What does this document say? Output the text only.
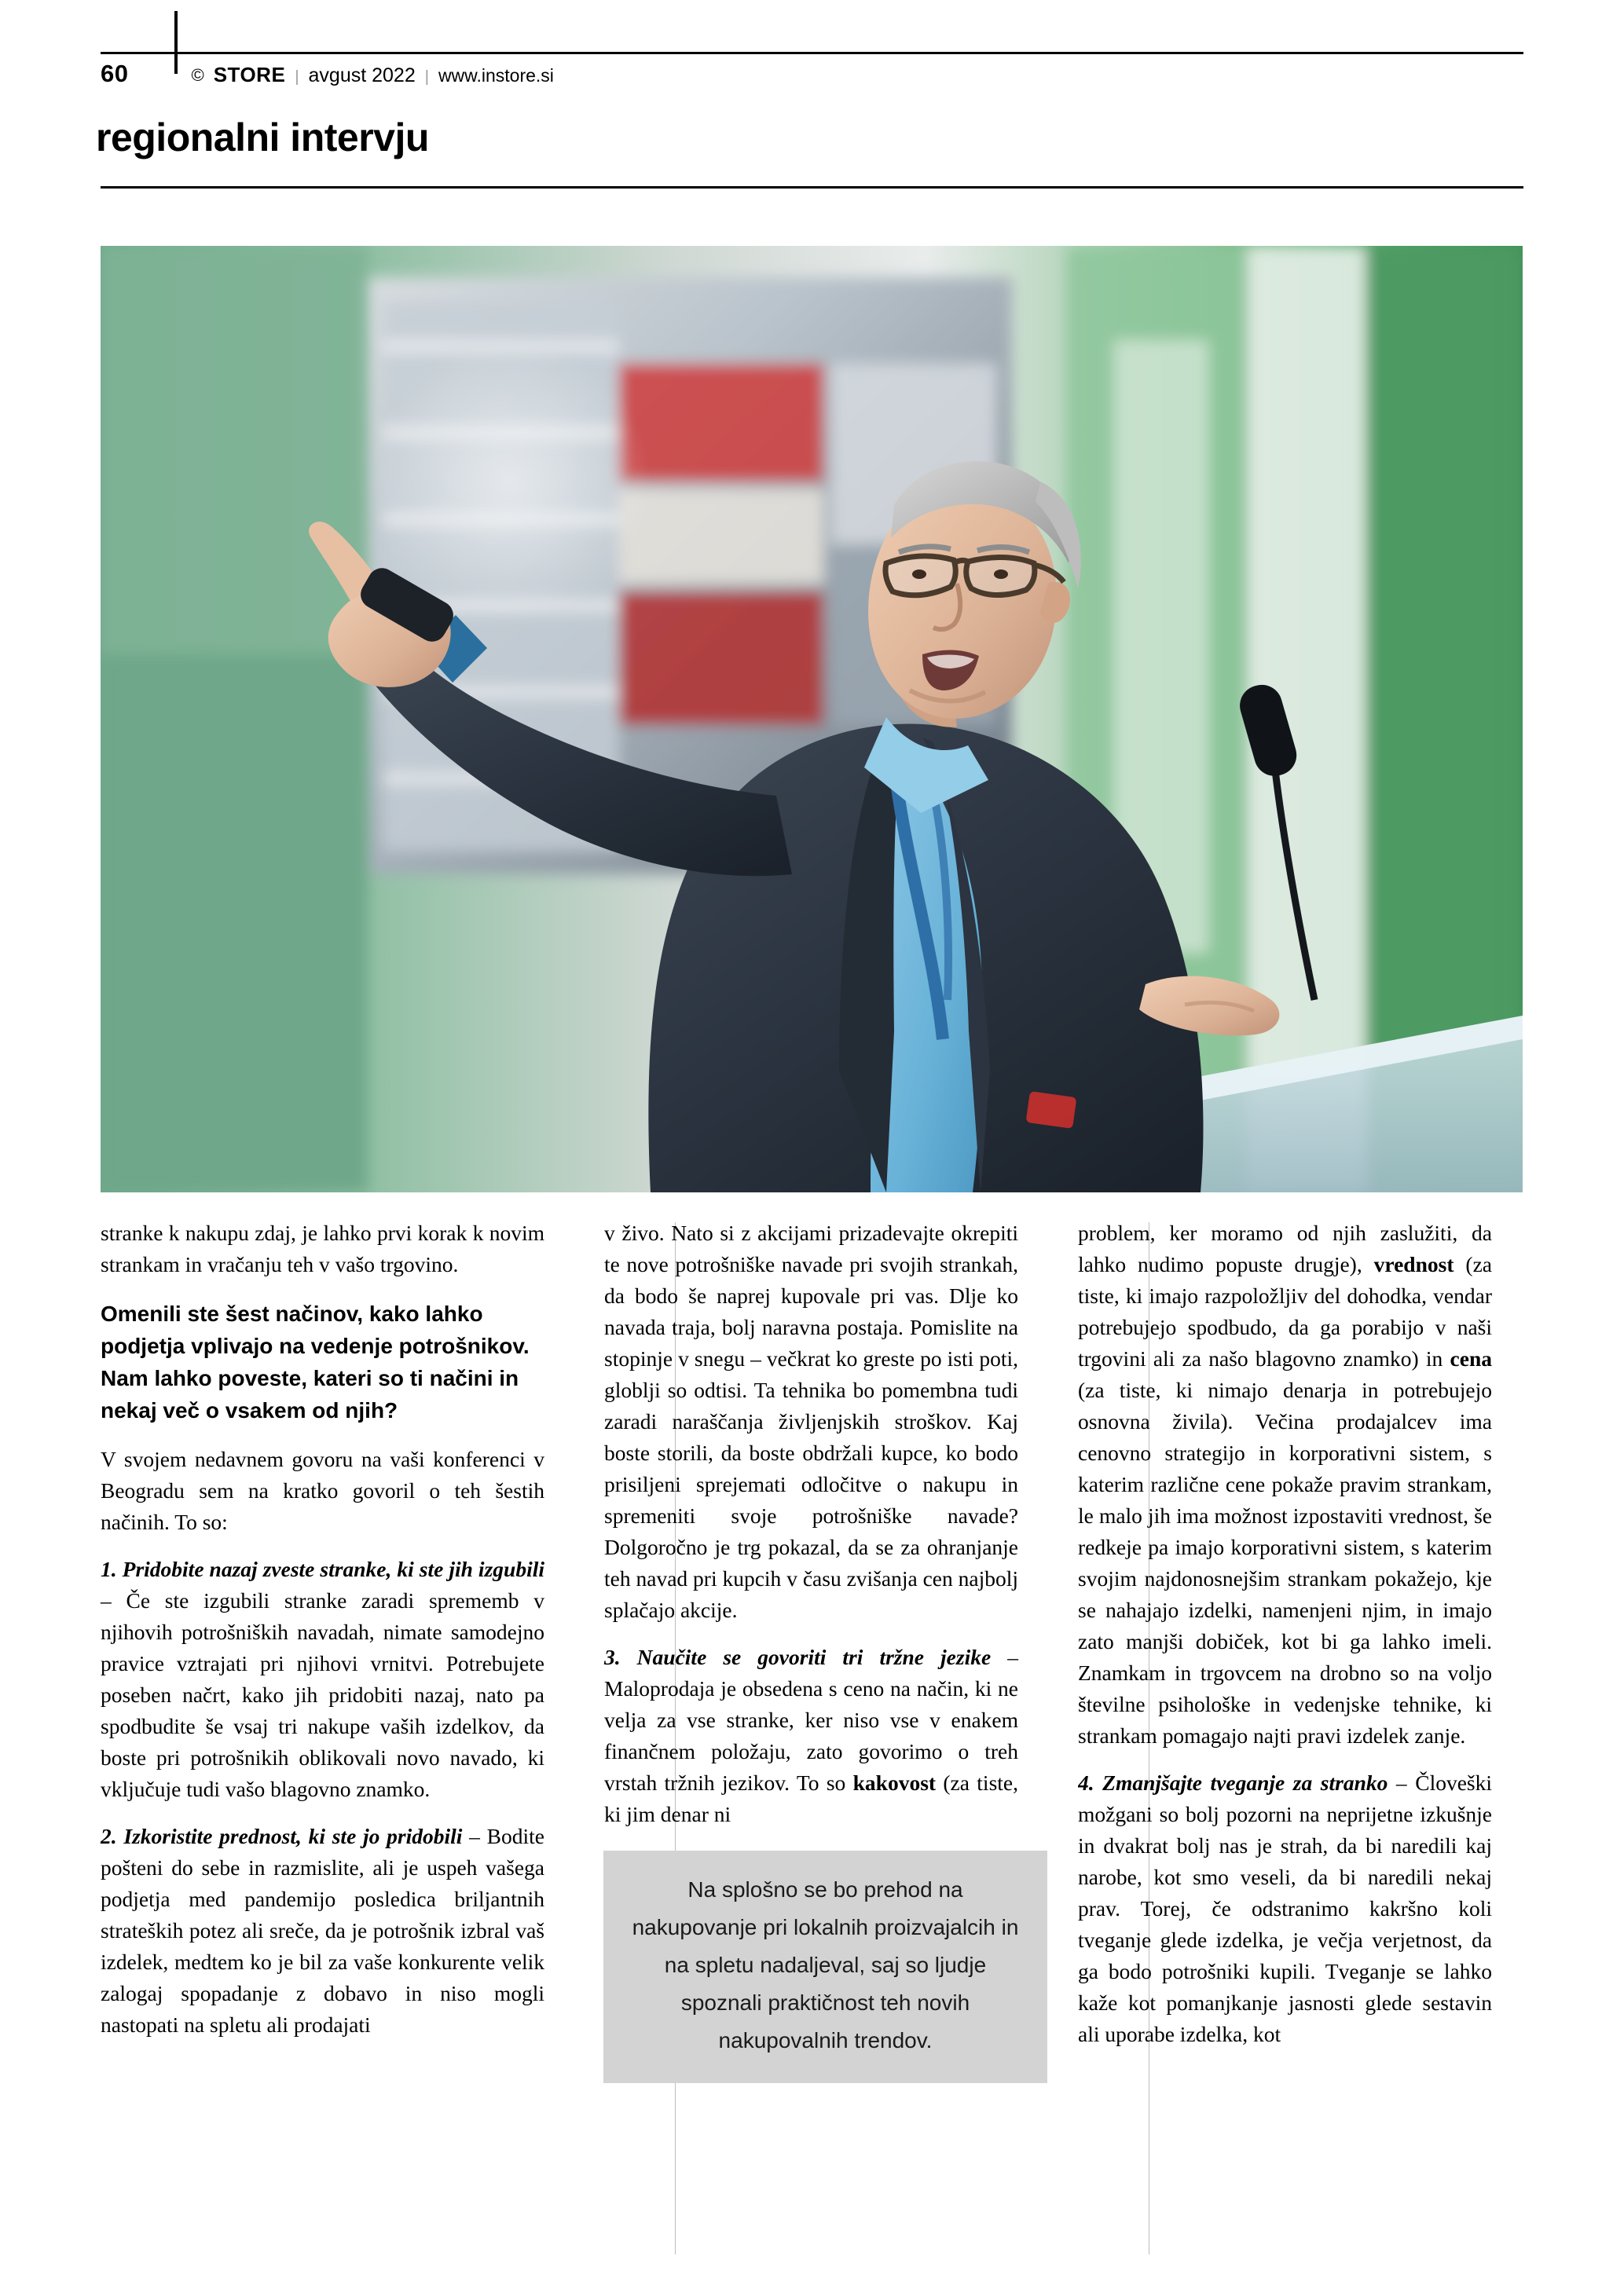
60	© STORE | avgust 2022 | www.instore.si
regionalni intervju

stranke k nakupu zdaj, je lahko prvi korak k novim strankam in vračanju teh v vašo trgovino.

Omenili ste šest načinov, kako lahko podjetja vplivajo na vedenje potrošnikov. Nam lahko poveste, kateri so ti načini in nekaj več o vsakem od njih?

V svojem nedavnem govoru na vaši konferenci v Beogradu sem na kratko govoril o teh šestih načinih. To so:

1. Pridobite nazaj zveste stranke, ki ste jih izgubili – Če ste izgubili stranke zaradi sprememb v njihovih potrošniških navadah, nimate samodejno pravice vztrajati pri njihovi vrnitvi. Potrebujete poseben načrt, kako jih pridobiti nazaj, nato pa spodbudite še vsaj tri nakupe vaših izdelkov, da boste pri potrošnikih oblikovali novo navado, ki vključuje tudi vašo blagovno znamko.

2. Izkoristite prednost, ki ste jo pridobili – Bodite pošteni do sebe in razmislite, ali je uspeh vašega podjetja med pandemijo posledica briljantnih strateških potez ali sreče, da je potrošnik izbral vaš izdelek, medtem ko je bil za vaše konkurente velik zalogaj spopadanje z dobavo in niso mogli nastopati na spletu ali prodajati

v živo. Nato si z akcijami prizadevajte okrepiti te nove potrošniške navade pri svojih strankah, da bodo še naprej kupovale pri vas. Dlje ko navada traja, bolj naravna postaja. Pomislite na stopinje v snegu – večkrat ko greste po isti poti, globlji so odtisi. Ta tehnika bo pomembna tudi zaradi naraščanja življenjskih stroškov. Kaj boste storili, da boste obdržali kupce, ko bodo prisiljeni sprejemati odločitve o nakupu in spremeniti svoje potrošniške navade? Dolgoročno je trg pokazal, da se za ohranjanje teh navad pri kupcih v času zvišanja cen najbolj splačajo akcije.

3. Naučite se govoriti tri tržne jezike – Maloprodaja je obsedena s ceno na način, ki ne velja za vse stranke, ker niso vse v enakem finančnem položaju, zato govorimo o treh vrstah tržnih jezikov. To so kakovost (za tiste, ki jim denar ni

Na splošno se bo prehod na nakupovanje pri lokalnih proizvajalcih in na spletu nadaljeval, saj so ljudje spoznali praktičnost teh novih nakupovalnih trendov.

problem, ker moramo od njih zaslužiti, da lahko nudimo popuste drugje), vrednost (za tiste, ki imajo razpoložljiv del dohodka, vendar potrebujejo spodbudo, da ga porabijo v naši trgovini ali za našo blagovno znamko) in cena (za tiste, ki nimajo denarja in potrebujejo osnovna živila). Večina prodajalcev ima cenovno strategijo in korporativni sistem, s katerim različne cene pokaže pravim strankam, le malo jih ima možnost izpostaviti vrednost, še redkeje pa imajo korporativni sistem, s katerim svojim najdonosnejšim strankam pokažejo, kje se nahajajo izdelki, namenjeni njim, in imajo zato manjši dobiček, kot bi ga lahko imeli. Znamkam in trgovcem na drobno so na voljo številne psihološke in vedenjske tehnike, ki strankam pomagajo najti pravi izdelek zanje.

4. Zmanjšajte tveganje za stranko – Človeški možgani so bolj pozorni na neprijetne izkušnje in dvakrat bolj nas je strah, da bi naredili kaj narobe, kot smo veseli, da bi naredili nekaj prav. Torej, če odstranimo kakršno koli tveganje glede izdelka, je večja verjetnost, da ga bodo potrošniki kupili. Tveganje se lahko kaže kot pomanjkanje jasnosti glede sestavin ali uporabe izdelka, kot
